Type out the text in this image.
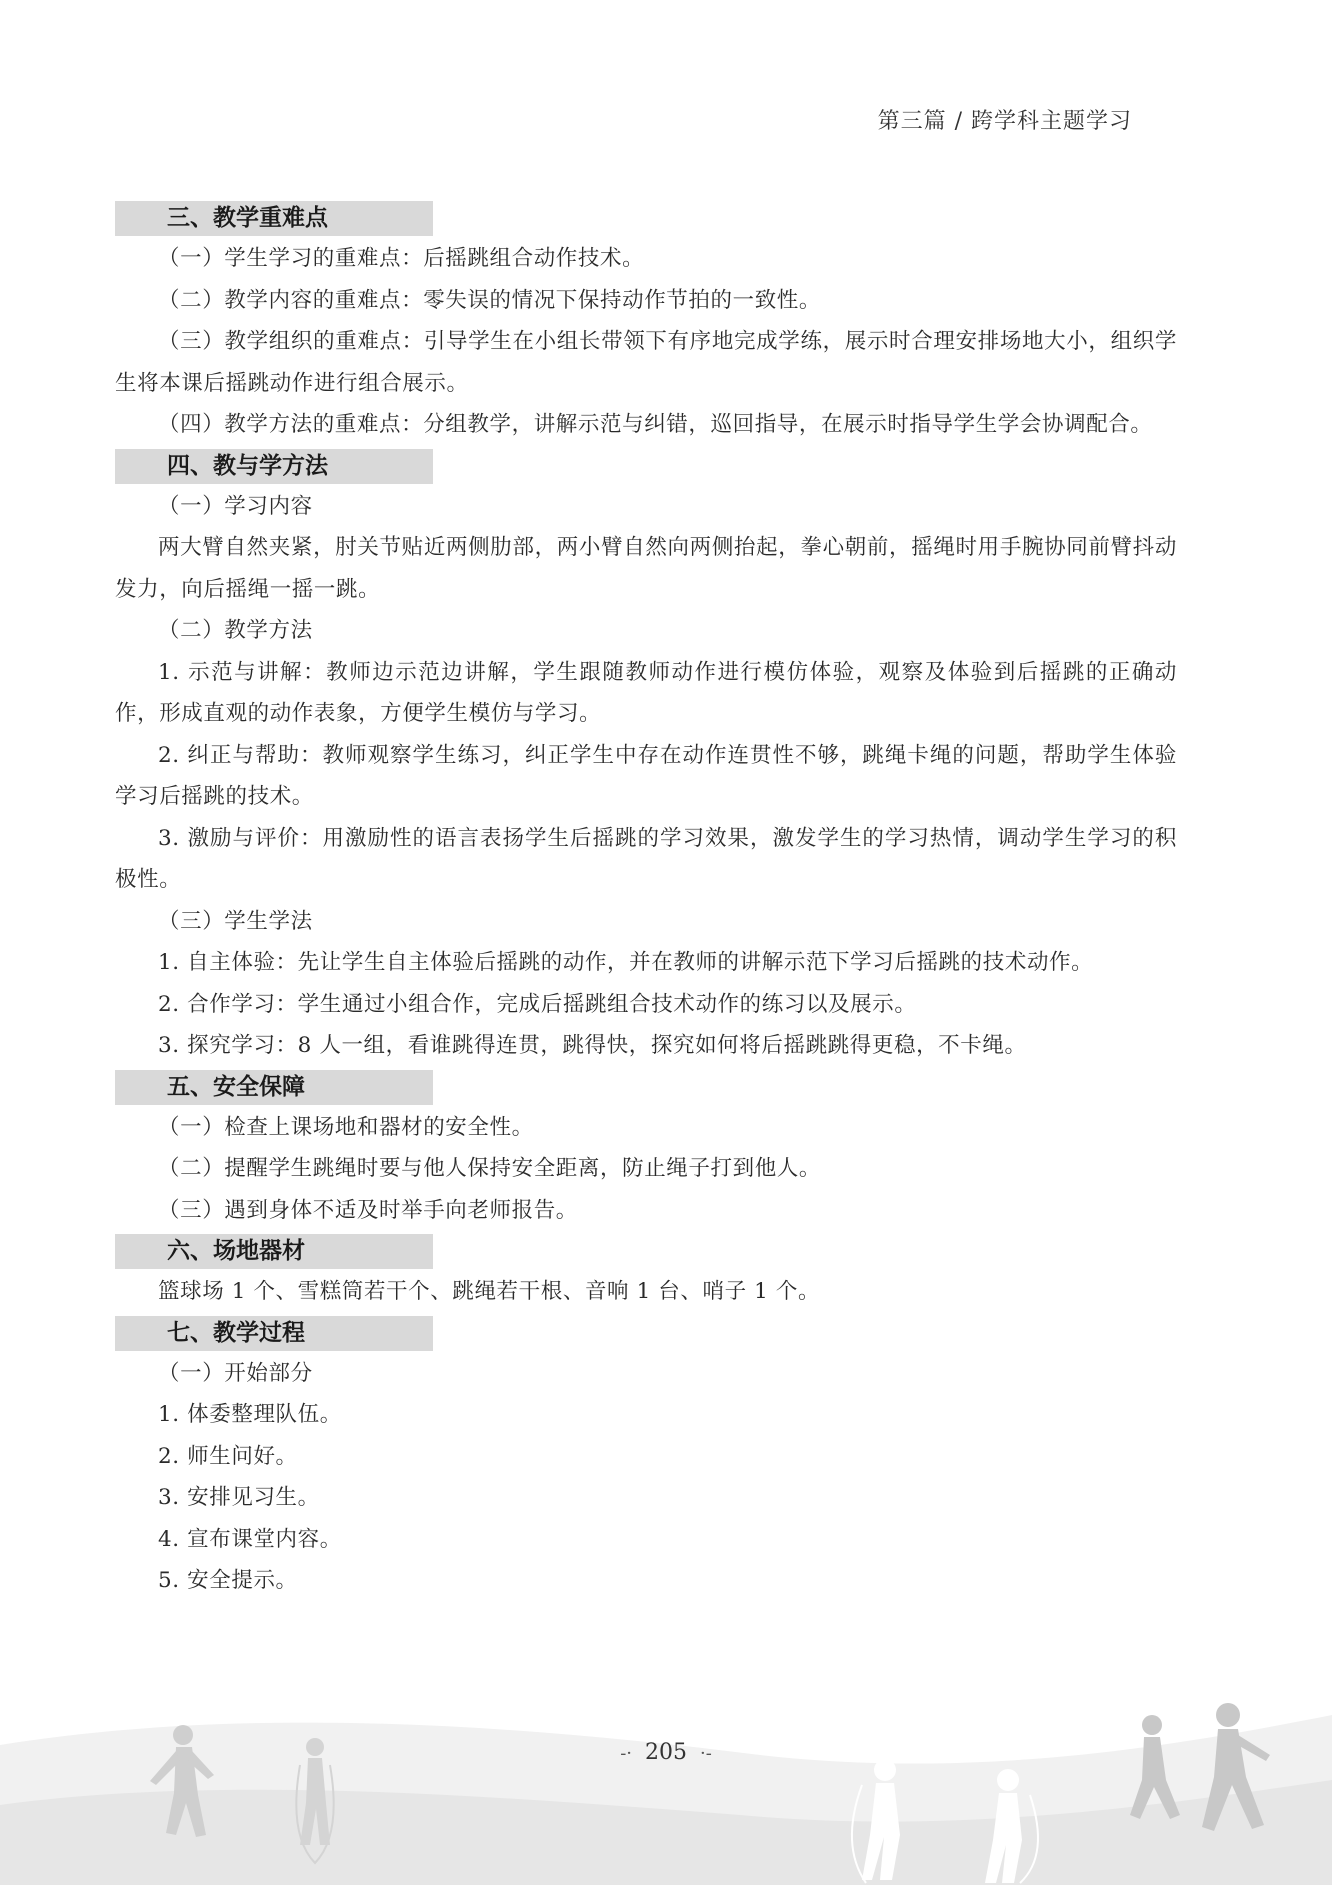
第三篇 / 跨学科主题学习
三、教学重难点

（一）学生学习的重难点：后摇跳组合动作技术。

（二）教学内容的重难点：零失误的情况下保持动作节拍的一致性。

（三）教学组织的重难点：引导学生在小组长带领下有序地完成学练，展示时合理安排场地大小，组织学生将本课后摇跳动作进行组合展示。

（四）教学方法的重难点：分组教学，讲解示范与纠错，巡回指导，在展示时指导学生学会协调配合。

四、教与学方法

（一）学习内容

两大臂自然夹紧，肘关节贴近两侧肋部，两小臂自然向两侧抬起，拳心朝前，摇绳时用手腕协同前臂抖动发力，向后摇绳一摇一跳。

（二）教学方法

1. 示范与讲解：教师边示范边讲解，学生跟随教师动作进行模仿体验，观察及体验到后摇跳的正确动作，形成直观的动作表象，方便学生模仿与学习。

2. 纠正与帮助：教师观察学生练习，纠正学生中存在动作连贯性不够，跳绳卡绳的问题，帮助学生体验学习后摇跳的技术。

3. 激励与评价：用激励性的语言表扬学生后摇跳的学习效果，激发学生的学习热情，调动学生学习的积极性。

（三）学生学法

1. 自主体验：先让学生自主体验后摇跳的动作，并在教师的讲解示范下学习后摇跳的技术动作。

2. 合作学习：学生通过小组合作，完成后摇跳组合技术动作的练习以及展示。

3. 探究学习：8 人一组，看谁跳得连贯，跳得快，探究如何将后摇跳跳得更稳，不卡绳。

五、安全保障

（一）检查上课场地和器材的安全性。

（二）提醒学生跳绳时要与他人保持安全距离，防止绳子打到他人。

（三）遇到身体不适及时举手向老师报告。

六、场地器材

篮球场 1 个、雪糕筒若干个、跳绳若干根、音响 1 台、哨子 1 个。

七、教学过程

（一）开始部分

1. 体委整理队伍。

2. 师生问好。

3. 安排见习生。

4. 宣布课堂内容。

5. 安全提示。

-· 205 ·-
